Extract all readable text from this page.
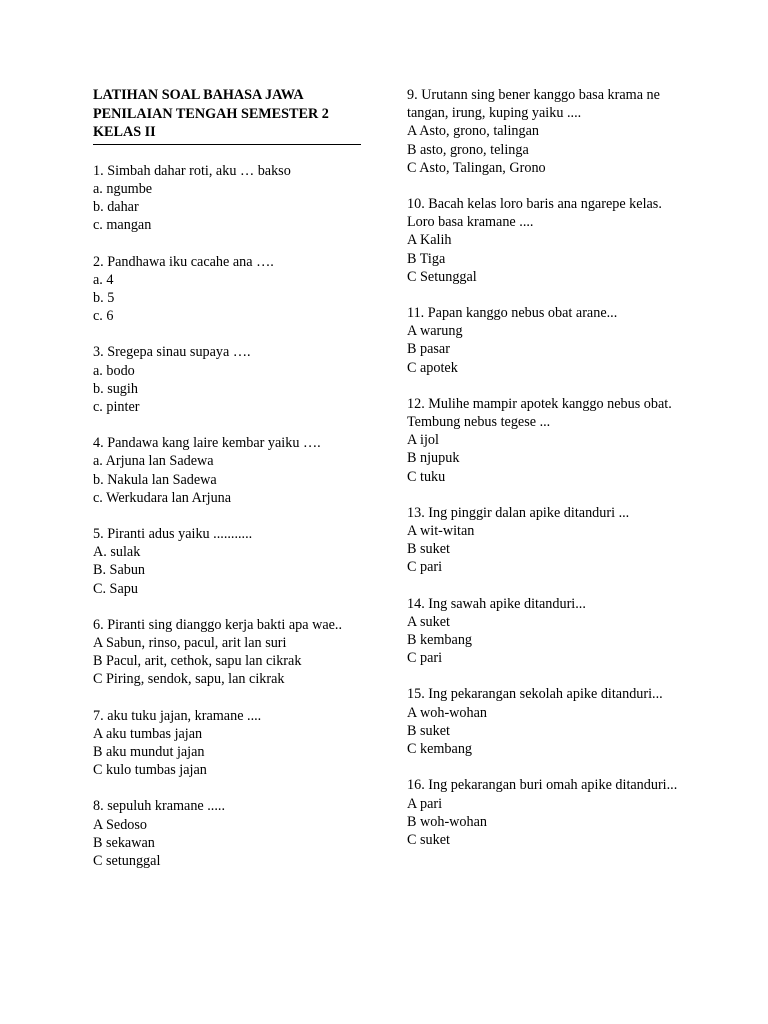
LATIHAN SOAL BAHASA JAWA
PENILAIAN TENGAH SEMESTER 2
KELAS II
1. Simbah dahar roti, aku … bakso
a. ngumbe
b. dahar
c. mangan
2. Pandhawa iku cacahe ana ….
a. 4
b. 5
c. 6
3. Sregepa sinau supaya ….
a. bodo
b. sugih
c. pinter
4. Pandawa kang laire kembar yaiku ….
a. Arjuna lan Sadewa
b. Nakula lan Sadewa
c. Werkudara lan Arjuna
5. Piranti adus yaiku ...........
A. sulak
B. Sabun
C. Sapu
6. Piranti sing dianggo kerja bakti apa wae..
A Sabun, rinso, pacul, arit lan suri
B Pacul, arit, cethok, sapu lan cikrak
C Piring, sendok, sapu, lan cikrak
7. aku tuku jajan, kramane ....
A aku tumbas jajan
B aku mundut jajan
C kulo tumbas jajan
8. sepuluh kramane .....
A Sedoso
B sekawan
C setunggal
9. Urutann sing bener kanggo basa krama ne tangan, irung, kuping yaiku ....
A Asto, grono, talingan
B asto, grono, telinga
C Asto, Talingan, Grono
10. Bacah kelas loro baris ana ngarepe kelas.
Loro basa kramane ....
A Kalih
B Tiga
C Setunggal
11. Papan kanggo nebus obat arane...
A warung
B pasar
C apotek
12. Mulihe mampir apotek kanggo nebus obat. Tembung nebus tegese ...
A ijol
B njupuk
C tuku
13. Ing pinggir dalan apike ditanduri ...
A wit-witan
B suket
C pari
14. Ing sawah apike ditanduri...
A suket
B kembang
C pari
15. Ing pekarangan sekolah apike ditanduri...
A woh-wohan
B suket
C kembang
16. Ing pekarangan buri omah apike ditanduri...
A pari
B woh-wohan
C suket
